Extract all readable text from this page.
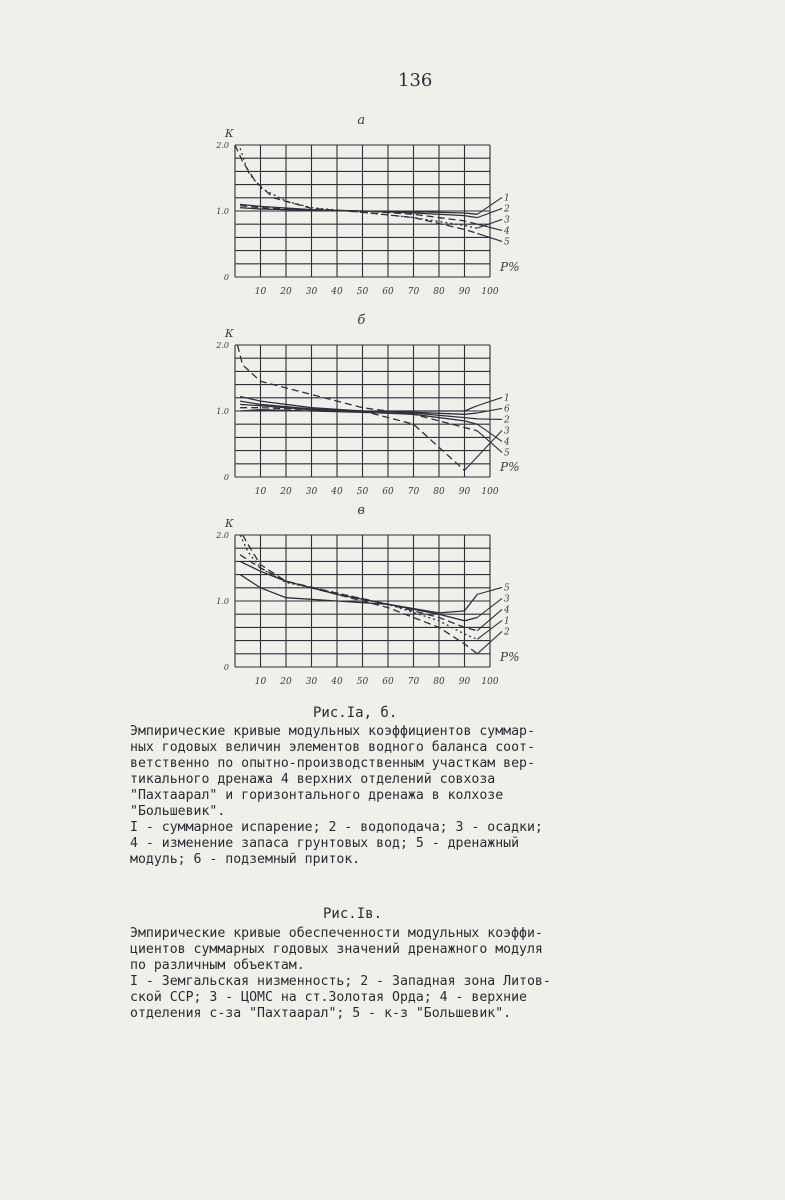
136
а
К
0
1.0
2.0
10 20 30 40 50 60 70 80 90 100
Р%
1
2
3
4
5
б
К
0
1.0
2.0
10 20 30 40 50 60 70 80 90 100
Р%
1
6
2
3
4
5
в
К
0
1.0
2.0
10 20 30 40 50 60 70 80 90 100
Р%
5
3
4
1
2
Рис.Iа, б.
Эмпирические кривые модульных коэффициентов суммар-
ных годовых величин элементов водного баланса соот-
ветственно по опытно-производственным участкам вер-
тикального дренажа 4 верхних отделений совхоза
"Пахтаарал" и горизонтального дренажа в колхозе
"Большевик".
I - суммарное испарение; 2 - водоподача; 3 - осадки;
4 - изменение запаса грунтовых вод; 5 - дренажный
модуль; 6 - подземный приток.
Рис.Iв.
Эмпирические кривые обеспеченности модульных коэффи-
циентов суммарных годовых значений дренажного модуля
по различным объектам.
I - Земгальская низменность; 2 - Западная зона Литов-
ской ССР; 3 - ЦОМС на ст.Золотая Орда; 4 - верхние
отделения с-за "Пахтаарал"; 5 - к-з "Большевик".
